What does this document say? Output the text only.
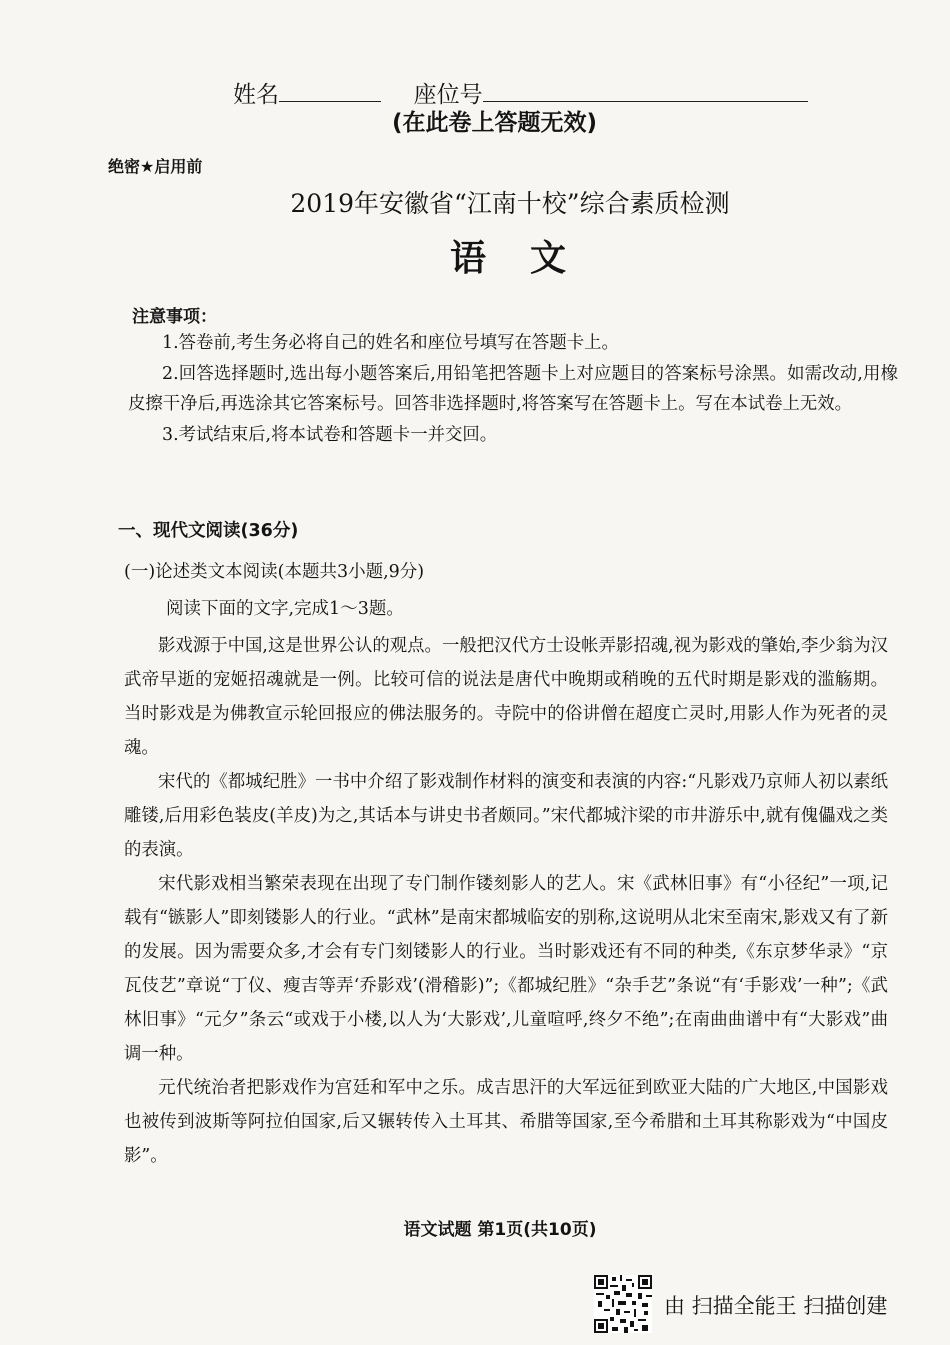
姓名	座位号
(在此卷上答题无效)
绝密★启用前
2019年安徽省“江南十校”综合素质检测
语　文
注意事项：

1.答卷前,考生务必将自己的姓名和座位号填写在答题卡上。

2.回答选择题时,选出每小题答案后,用铅笔把答题卡上对应题目的答案标号涂黑。如需改动,用橡皮擦干净后,再选涂其它答案标号。回答非选择题时,将答案写在答题卡上。写在本试卷上无效。

3.考试结束后,将本试卷和答题卡一并交回。

一、现代文阅读(36分)
(一)论述类文本阅读(本题共3小题,9分)
阅读下面的文字,完成1～3题。

影戏源于中国,这是世界公认的观点。一般把汉代方士设帐弄影招魂,视为影戏的肇始,李少翁为汉武帝早逝的宠姬招魂就是一例。比较可信的说法是唐代中晚期或稍晚的五代时期是影戏的滥觞期。当时影戏是为佛教宣示轮回报应的佛法服务的。寺院中的俗讲僧在超度亡灵时,用影人作为死者的灵魂。

宋代的《都城纪胜》一书中介绍了影戏制作材料的演变和表演的内容:“凡影戏乃京师人初以素纸雕镂,后用彩色装皮(羊皮)为之,其话本与讲史书者颇同。”宋代都城汴梁的市井游乐中,就有傀儡戏之类的表演。

宋代影戏相当繁荣表现在出现了专门制作镂刻影人的艺人。宋《武林旧事》有“小径纪”一项,记载有“镞影人”即刻镂影人的行业。“武林”是南宋都城临安的别称,这说明从北宋至南宋,影戏又有了新的发展。因为需要众多,才会有专门刻镂影人的行业。当时影戏还有不同的种类,《东京梦华录》“京瓦伎艺”章说“丁仪、瘦吉等弄‘乔影戏’(滑稽影)”;《都城纪胜》“杂手艺”条说“有‘手影戏’一种”;《武林旧事》“元夕”条云“或戏于小楼,以人为‘大影戏’,儿童喧呼,终夕不绝”;在南曲曲谱中有“大影戏”曲调一种。

元代统治者把影戏作为宫廷和军中之乐。成吉思汗的大军远征到欧亚大陆的广大地区,中国影戏也被传到波斯等阿拉伯国家,后又辗转传入土耳其、希腊等国家,至今希腊和土耳其称影戏为“中国皮影”。

语文试题 第1页(共10页)
由 扫描全能王 扫描创建
